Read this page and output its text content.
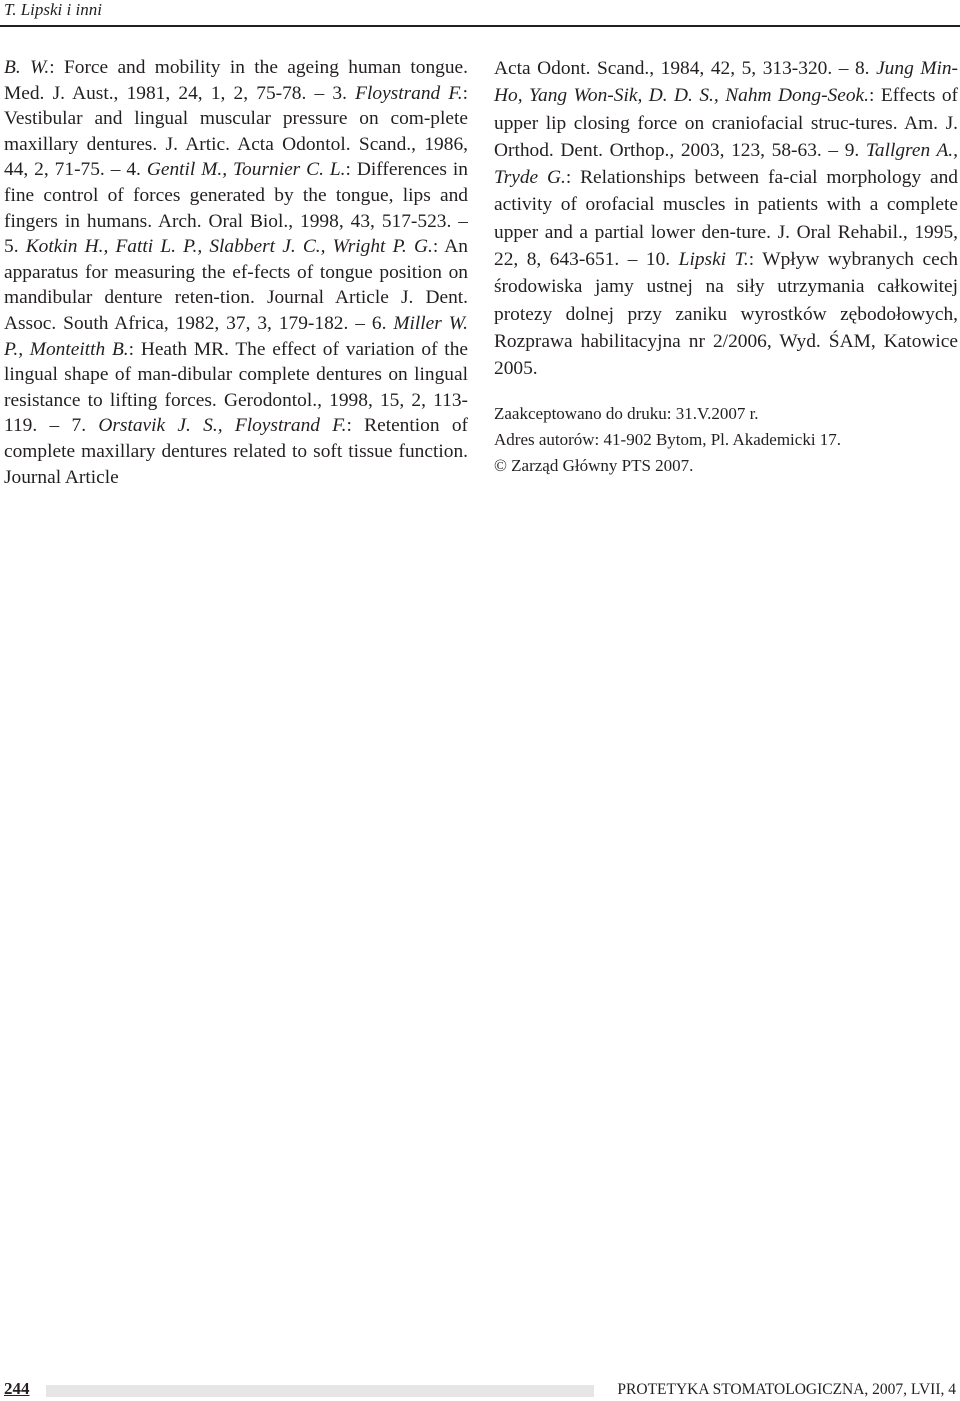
T. Lipski i inni

B. W.: Force and mobility in the ageing human tongue. Med. J. Aust., 1981, 24, 1, 2, 75-78. – 3. Floystrand F.: Vestibular and lingual muscular pressure on com-plete maxillary dentures. J. Artic. Acta Odontol. Scand., 1986, 44, 2, 71-75. – 4. Gentil M., Tournier C. L.: Differences in fine control of forces generated by the tongue, lips and fingers in humans. Arch. Oral Biol., 1998, 43, 517-523. – 5. Kotkin H., Fatti L. P., Slabbert J. C., Wright P. G.: An apparatus for measuring the ef-fects of tongue position on mandibular denture reten-tion. Journal Article J. Dent. Assoc. South Africa, 1982, 37, 3, 179-182. – 6. Miller W. P., Monteitth B.: Heath MR. The effect of variation of the lingual shape of man-dibular complete dentures on lingual resistance to lifting forces. Gerodontol., 1998, 15, 2, 113-119. – 7. Orstavik J. S., Floystrand F.: Retention of complete maxillary dentures related to soft tissue function. Journal Article

Acta Odont. Scand., 1984, 42, 5, 313-320. – 8. Jung Min-Ho, Yang Won-Sik, D. D. S., Nahm Dong-Seok.: Effects of upper lip closing force on craniofacial struc-tures. Am. J. Orthod. Dent. Orthop., 2003, 123, 58-63. – 9. Tallgren A., Tryde G.: Relationships between fa-cial morphology and activity of orofacial muscles in patients with a complete upper and a partial lower den-ture. J. Oral Rehabil., 1995, 22, 8, 643-651. – 10. Lipski T.: Wpływ wybranych cech środowiska jamy ustnej na siły utrzymania całkowitej protezy dolnej przy zaniku wyrostków zębodołowych, Rozprawa habilitacyjna nr 2/2006, Wyd. ŚAM, Katowice 2005.

Zaakceptowano do druku: 31.V.2007 r.
Adres autorów: 41-902 Bytom, Pl. Akademicki 17.
© Zarząd Główny PTS 2007.
244	PROTETYKA STOMATOLOGICZNA, 2007, LVII, 4
